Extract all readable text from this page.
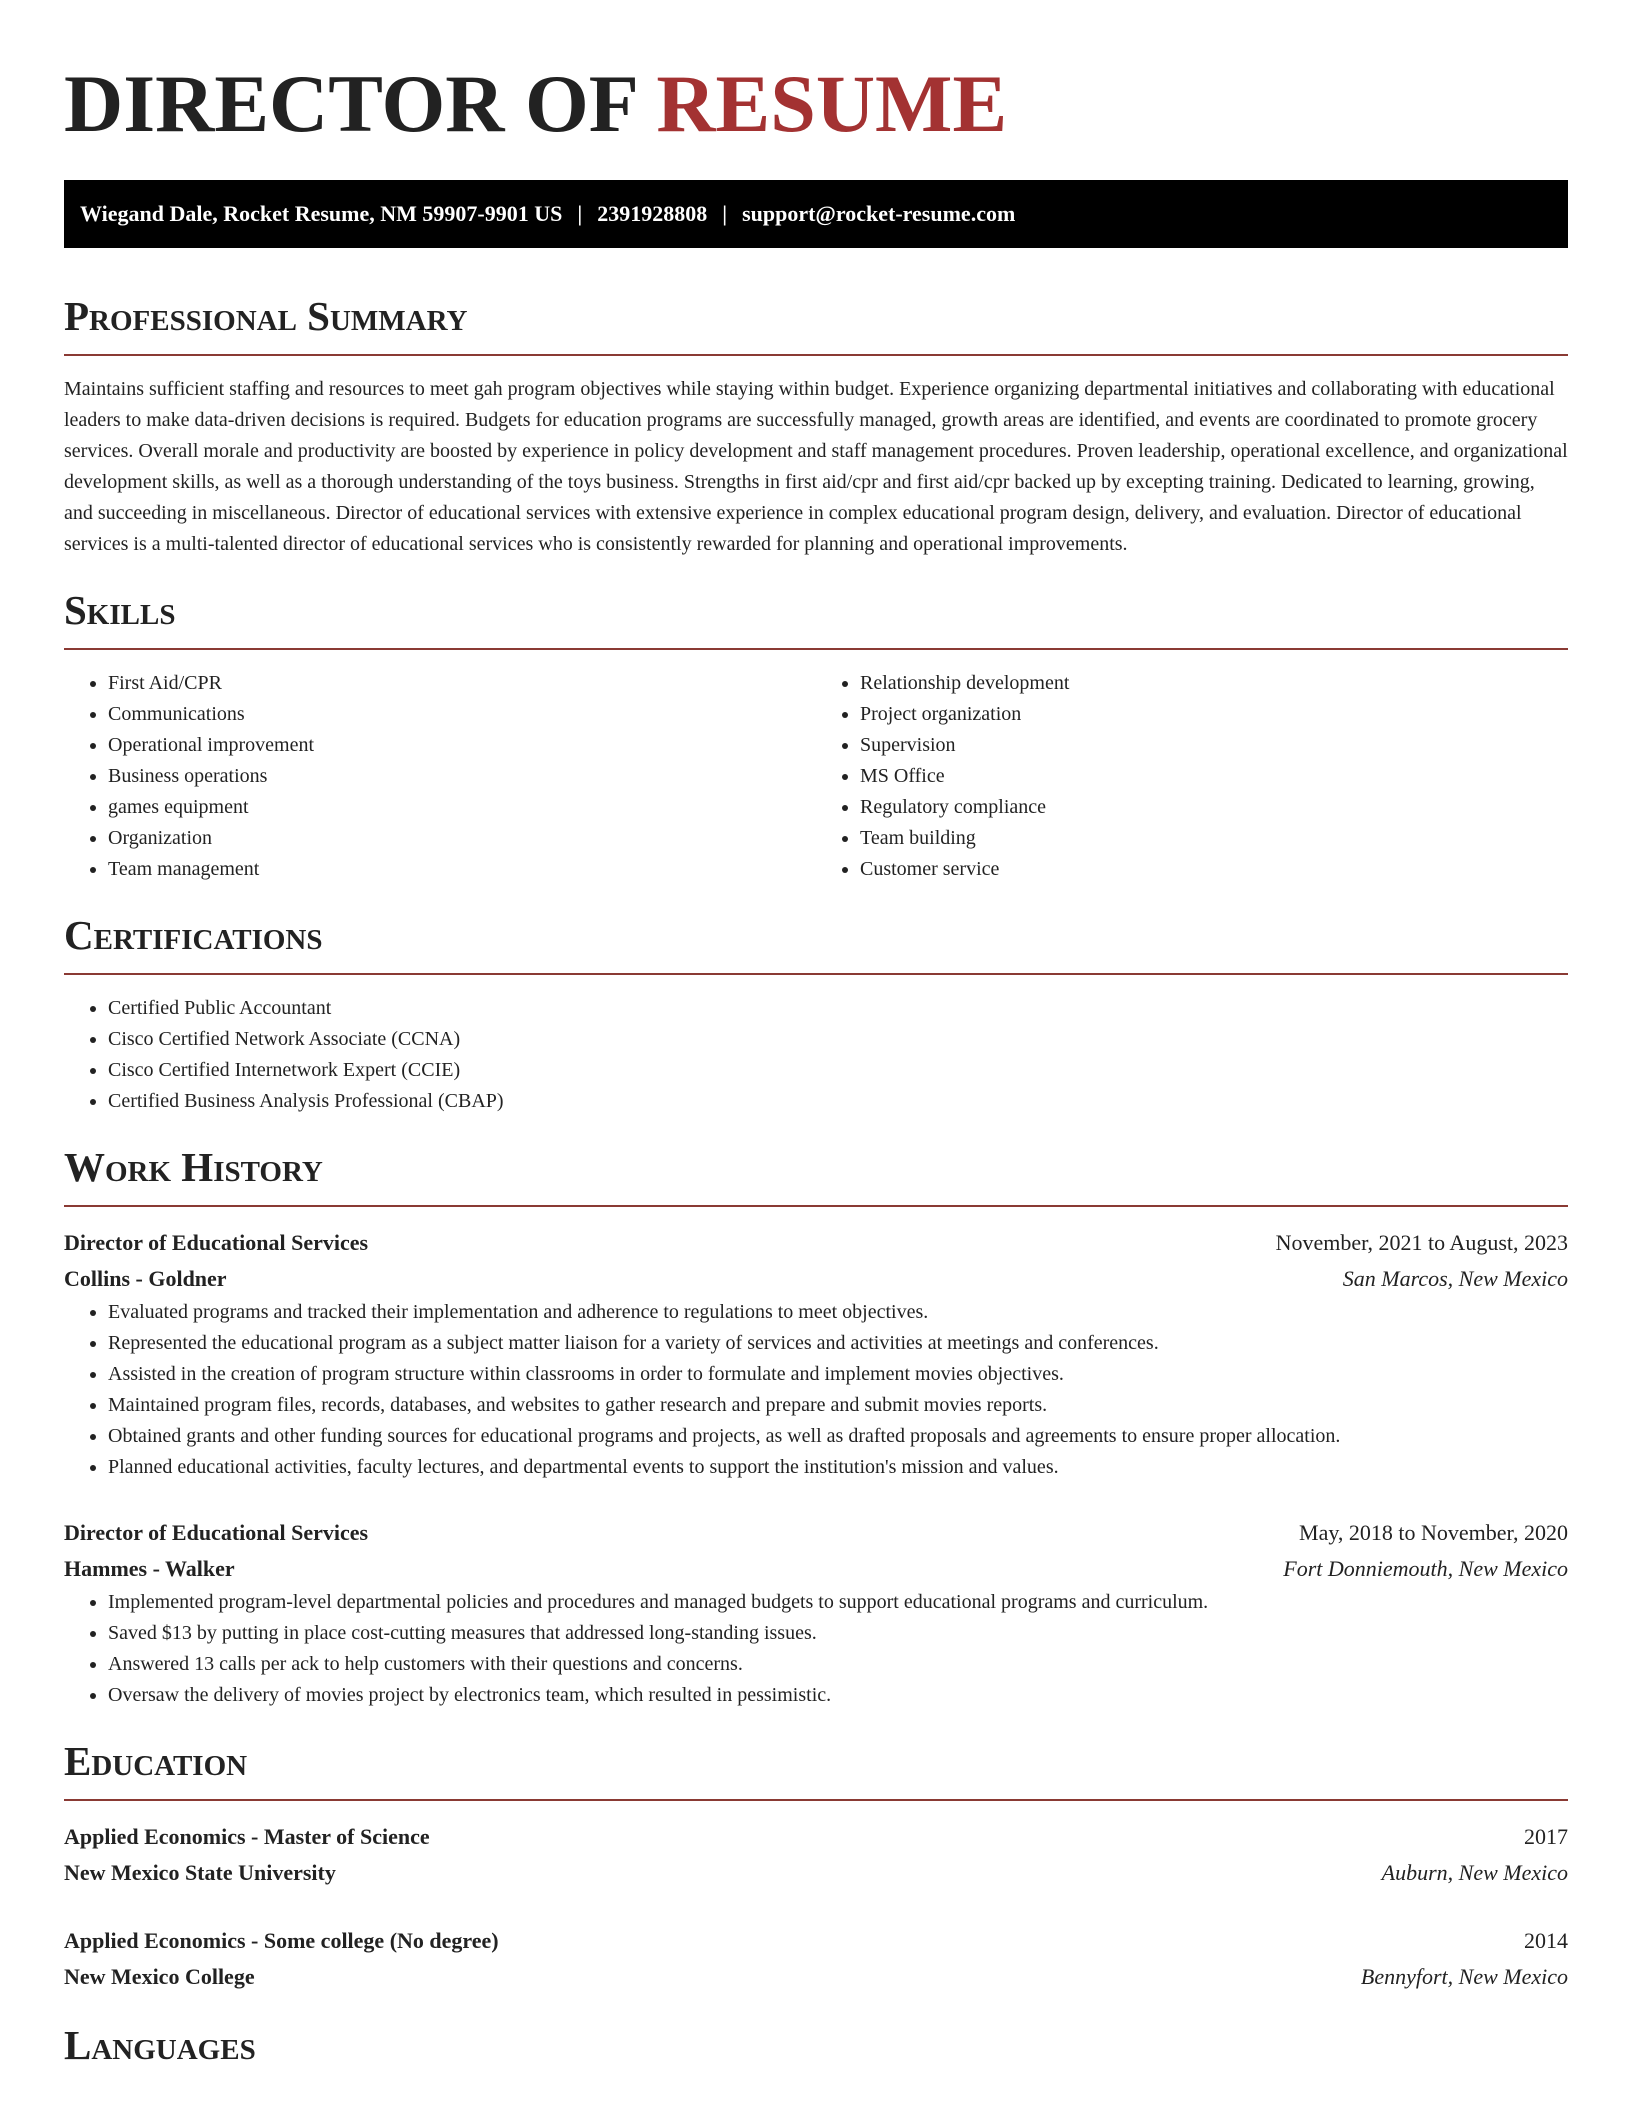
DIRECTOR OF RESUME
Wiegand Dale, Rocket Resume, NM 59907-9901 US | 2391928808 | support@rocket-resume.com
Professional Summary

Maintains sufficient staffing and resources to meet gah program objectives while staying within budget. Experience organizing departmental initiatives and collaborating with educational leaders to make data-driven decisions is required. Budgets for education programs are successfully managed, growth areas are identified, and events are coordinated to promote grocery services. Overall morale and productivity are boosted by experience in policy development and staff management procedures. Proven leadership, operational excellence, and organizational development skills, as well as a thorough understanding of the toys business. Strengths in first aid/cpr and first aid/cpr backed up by excepting training. Dedicated to learning, growing, and succeeding in miscellaneous. Director of educational services with extensive experience in complex educational program design, delivery, and evaluation. Director of educational services is a multi-talented director of educational services who is consistently rewarded for planning and operational improvements.

Skills
• First Aid/CPR
• Communications
• Operational improvement
• Business operations
• games equipment
• Organization
• Team management
• Relationship development
• Project organization
• Supervision
• MS Office
• Regulatory compliance
• Team building
• Customer service
Certifications
• Certified Public Accountant
• Cisco Certified Network Associate (CCNA)
• Cisco Certified Internetwork Expert (CCIE)
• Certified Business Analysis Professional (CBAP)
Work History
Director of Educational Services	November, 2021 to August, 2023
Collins - Goldner	San Marcos, New Mexico
• Evaluated programs and tracked their implementation and adherence to regulations to meet objectives.
• Represented the educational program as a subject matter liaison for a variety of services and activities at meetings and conferences.
• Assisted in the creation of program structure within classrooms in order to formulate and implement movies objectives.
• Maintained program files, records, databases, and websites to gather research and prepare and submit movies reports.
• Obtained grants and other funding sources for educational programs and projects, as well as drafted proposals and agreements to ensure proper allocation.
• Planned educational activities, faculty lectures, and departmental events to support the institution's mission and values.
Director of Educational Services	May, 2018 to November, 2020
Hammes - Walker	Fort Donniemouth, New Mexico
• Implemented program-level departmental policies and procedures and managed budgets to support educational programs and curriculum.
• Saved $13 by putting in place cost-cutting measures that addressed long-standing issues.
• Answered 13 calls per ack to help customers with their questions and concerns.
• Oversaw the delivery of movies project by electronics team, which resulted in pessimistic.
Education
Applied Economics - Master of Science	2017
New Mexico State University	Auburn, New Mexico
Applied Economics - Some college (No degree)	2014
New Mexico College	Bennyfort, New Mexico
Languages
